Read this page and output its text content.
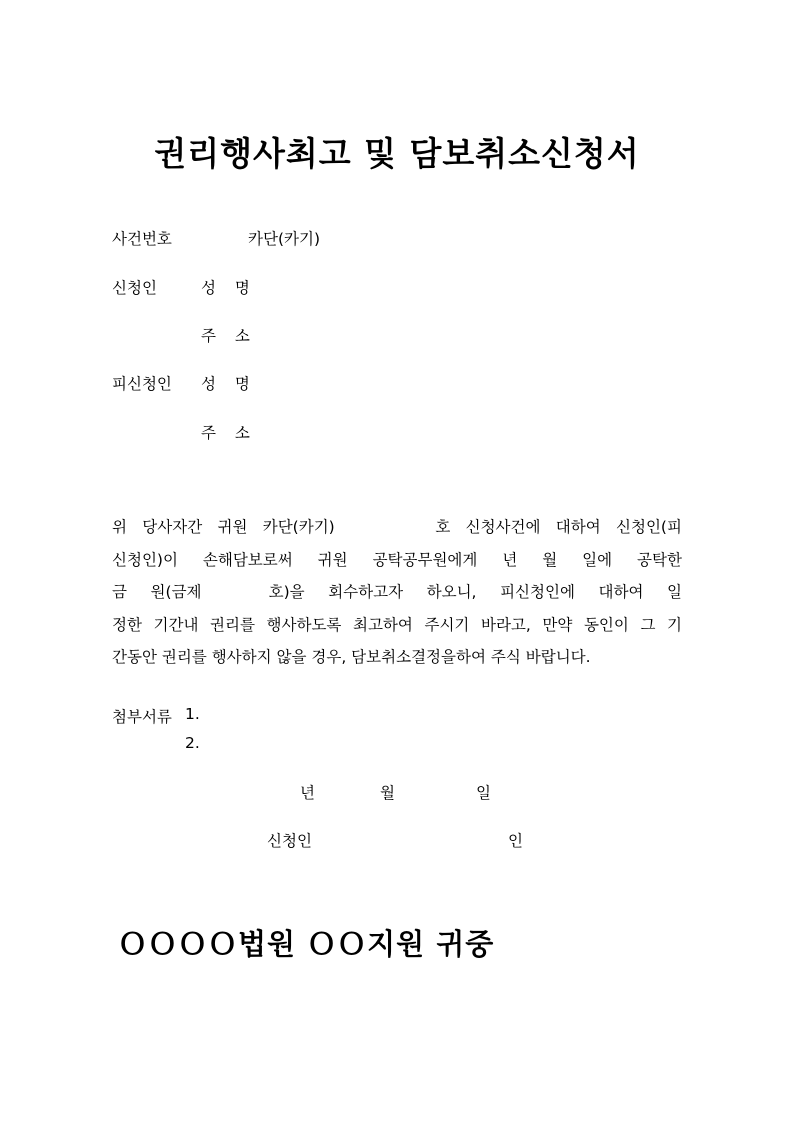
권리행사최고 및 담보취소신청서
사건번호	카단(카기)
신청인	성 명
주 소
피신청인 성 명
주 소
위 당사자간 귀원 카단(카기)	호 신청사건에 대하여 신청인(피
신청인)이 손해담보로써 귀원 공탁공무원에게 년 월 일에 공탁한
금 원(금제	호)을 회수하고자 하오니, 피신청인에 대하여 일
정한 기간내 권리를 행사하도록 최고하여 주시기 바라고, 만약 동인이 그 기
간동안 권리를 행사하지 않을 경우, 담보취소결정을하여 주식 바랍니다.
첨부서류 1.
2.
년	월	일
신청인	인
ＯＯＯＯ법원 ＯＯ지원 귀중
